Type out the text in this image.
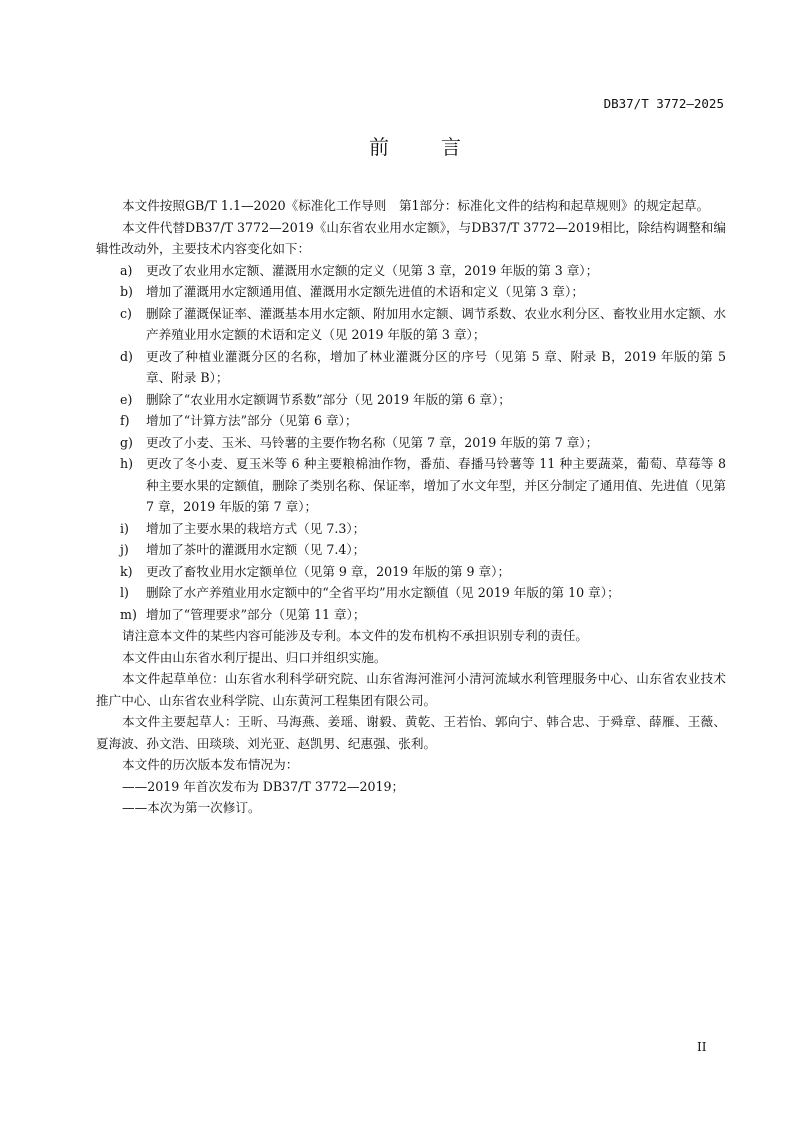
DB37/T 3772—2025
前	言

本文件按照GB/T 1.1—2020《标准化工作导则　第1部分：标准化文件的结构和起草规则》的规定起草。

本文件代替DB37/T 3772—2019《山东省农业用水定额》，与DB37/T 3772—2019相比，除结构调整和编辑性改动外，主要技术内容变化如下：

a) 更改了农业用水定额、灌溉用水定额的定义（见第 3 章，2019 年版的第 3 章）；
b) 增加了灌溉用水定额通用值、灌溉用水定额先进值的术语和定义（见第 3 章）；
c) 删除了灌溉保证率、灌溉基本用水定额、附加用水定额、调节系数、农业水利分区、畜牧业用水定额、水产养殖业用水定额的术语和定义（见 2019 年版的第 3 章）；
d) 更改了种植业灌溉分区的名称，增加了林业灌溉分区的序号（见第 5 章、附录 B，2019 年版的第 5 章、附录 B）；
e) 删除了“农业用水定额调节系数”部分（见 2019 年版的第 6 章）；
f) 增加了“计算方法”部分（见第 6 章）；
g) 更改了小麦、玉米、马铃薯的主要作物名称（见第 7 章，2019 年版的第 7 章）；
h) 更改了冬小麦、夏玉米等 6 种主要粮棉油作物，番茄、春播马铃薯等 11 种主要蔬菜，葡萄、草莓等 8 种主要水果的定额值，删除了类别名称、保证率，增加了水文年型，并区分制定了通用值、先进值（见第 7 章，2019 年版的第 7 章）；
i) 增加了主要水果的栽培方式（见 7.3）；
j) 增加了茶叶的灌溉用水定额（见 7.4）；
k) 更改了畜牧业用水定额单位（见第 9 章，2019 年版的第 9 章）；
l) 删除了水产养殖业用水定额中的“全省平均”用水定额值（见 2019 年版的第 10 章）；
m) 增加了“管理要求”部分（见第 11 章）；

请注意本文件的某些内容可能涉及专利。本文件的发布机构不承担识别专利的责任。

本文件由山东省水利厅提出、归口并组织实施。

本文件起草单位：山东省水利科学研究院、山东省海河淮河小清河流域水利管理服务中心、山东省农业技术推广中心、山东省农业科学院、山东黄河工程集团有限公司。

本文件主要起草人：王昕、马海燕、姜瑶、谢毅、黄乾、王若怡、郭向宁、韩合忠、于舜章、薛雁、王薇、夏海波、孙文浩、田琰琰、刘光亚、赵凯男、纪惠强、张利。

本文件的历次版本发布情况为：

——2019 年首次发布为 DB37/T 3772—2019；

——本次为第一次修订。

II
